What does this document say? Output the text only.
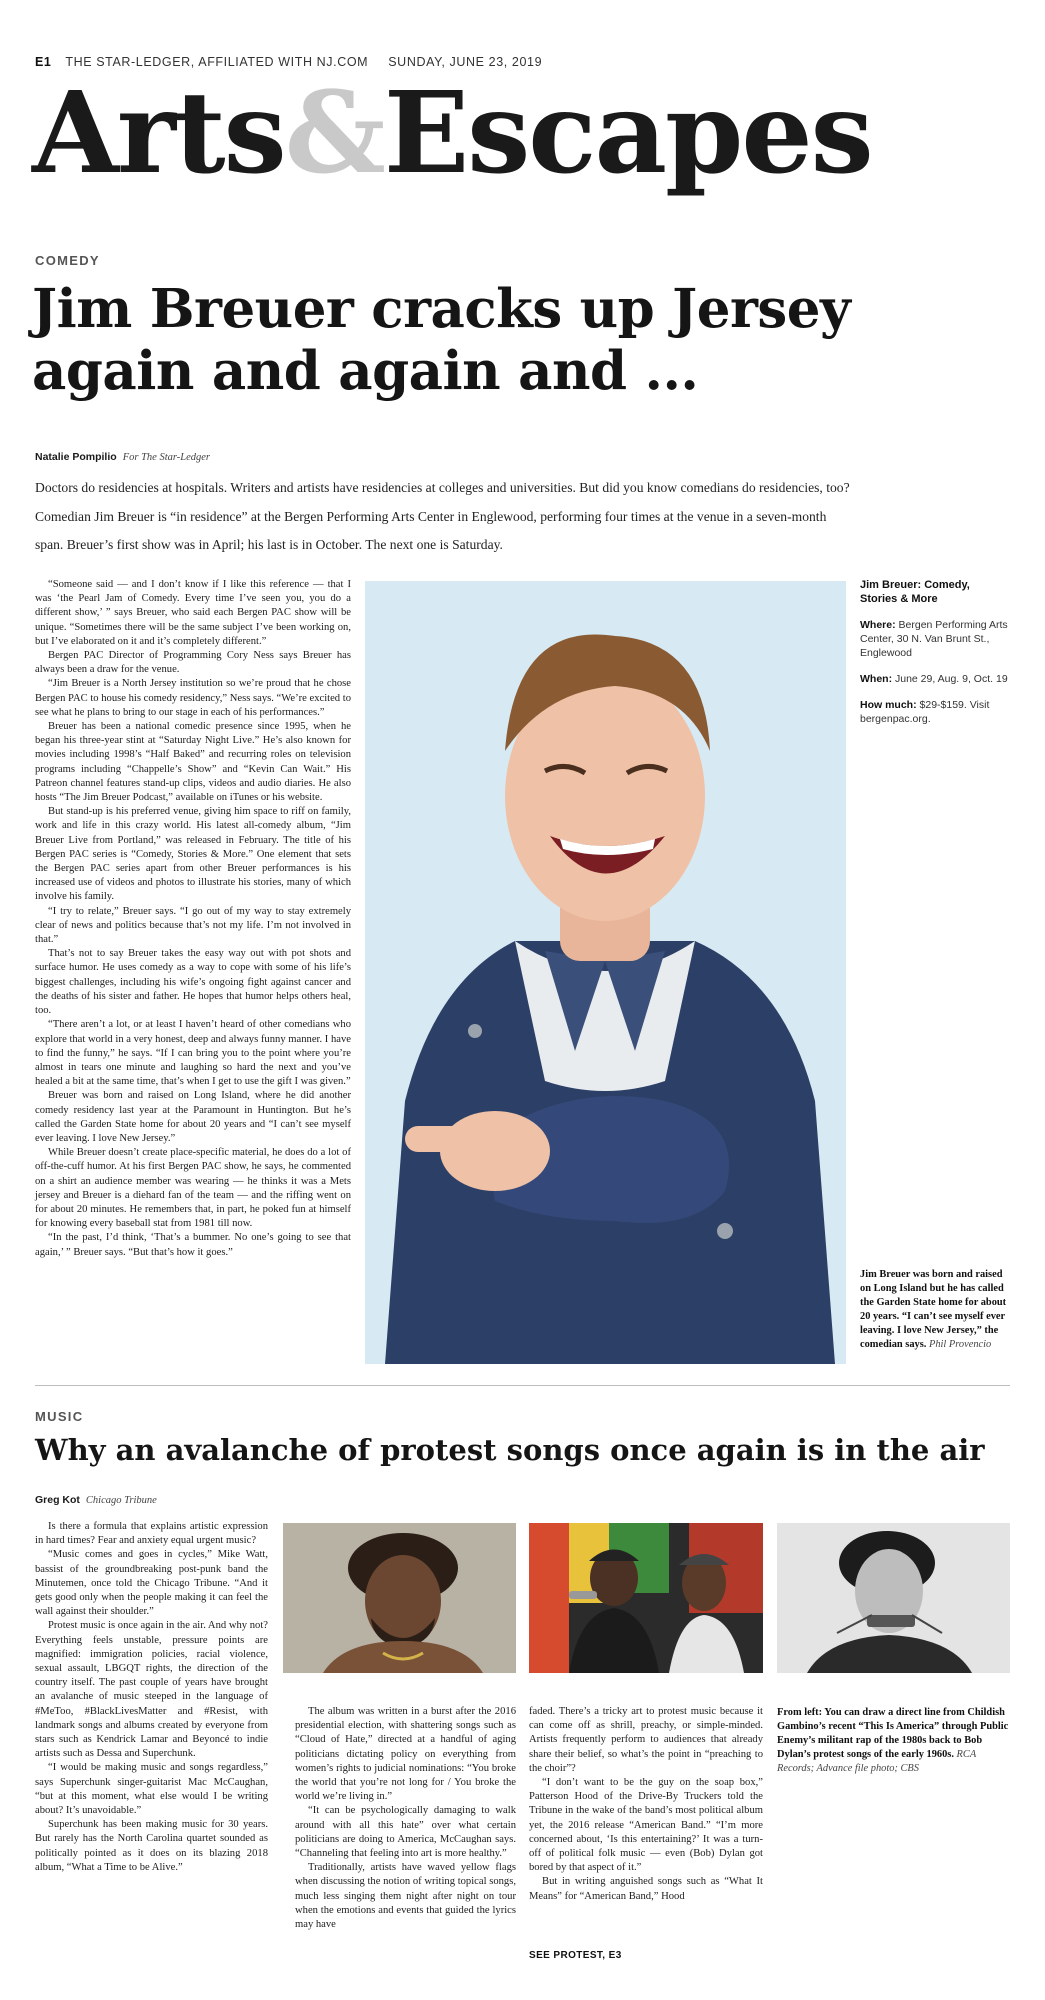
E1 THE STAR-LEDGER, AFFILIATED WITH NJ.COM SUNDAY, JUNE 23, 2019
Arts&Escapes
COMEDY
Jim Breuer cracks up Jersey again and again and ...
Natalie Pompilio For The Star-Ledger
Doctors do residencies at hospitals. Writers and artists have residencies at colleges and universities. But did you know comedians do residencies, too? Comedian Jim Breuer is “in residence” at the Bergen Performing Arts Center in Englewood, performing four times at the venue in a seven-month span. Breuer’s first show was in April; his last is in October. The next one is Saturday.

“Someone said — and I don’t know if I like this reference — that I was ‘the Pearl Jam of Comedy. Every time I’ve seen you, you do a different show,’ ” says Breuer, who said each Bergen PAC show will be unique. “Sometimes there will be the same subject I’ve been working on, but I’ve elaborated on it and it’s completely different.”

Bergen PAC Director of Programming Cory Ness says Breuer has always been a draw for the venue.

“Jim Breuer is a North Jersey institution so we’re proud that he chose Bergen PAC to house his comedy residency,” Ness says. “We’re excited to see what he plans to bring to our stage in each of his performances.”

Breuer has been a national comedic presence since 1995, when he began his three-year stint at “Saturday Night Live.” He’s also known for movies including 1998’s “Half Baked” and recurring roles on television programs including “Chappelle’s Show” and “Kevin Can Wait.” His Patreon channel features stand-up clips, videos and audio diaries. He also hosts “The Jim Breuer Podcast,” available on iTunes or his website.

But stand-up is his preferred venue, giving him space to riff on family, work and life in this crazy world. His latest all-comedy album, “Jim Breuer Live from Portland,” was released in February. The title of his Bergen PAC series is “Comedy, Stories & More.” One element that sets the Bergen PAC series apart from other Breuer performances is his increased use of videos and photos to illustrate his stories, many of which involve his family.

“I try to relate,” Breuer says. “I go out of my way to stay extremely clear of news and politics because that’s not my life. I’m not involved in that.”

That’s not to say Breuer takes the easy way out with pot shots and surface humor. He uses comedy as a way to cope with some of his life’s biggest challenges, including his wife’s ongoing fight against cancer and the deaths of his sister and father. He hopes that humor helps others heal, too.

“There aren’t a lot, or at least I haven’t heard of other comedians who explore that world in a very honest, deep and always funny manner. I have to find the funny,” he says. “If I can bring you to the point where you’re almost in tears one minute and laughing so hard the next and you’ve healed a bit at the same time, that’s when I get to use the gift I was given.”

Breuer was born and raised on Long Island, where he did another comedy residency last year at the Paramount in Huntington. But he’s called the Garden State home for about 20 years and “I can’t see myself ever leaving. I love New Jersey.”

While Breuer doesn’t create place-specific material, he does do a lot of off-the-cuff humor. At his first Bergen PAC show, he says, he commented on a shirt an audience member was wearing — he thinks it was a Mets jersey and Breuer is a diehard fan of the team — and the riffing went on for about 20 minutes. He remembers that, in part, he poked fun at himself for knowing every baseball stat from 1981 till now.

“In the past, I’d think, ‘That’s a bummer. No one’s going to see that again,’ ” Breuer says. “But that’s how it goes.”

Jim Breuer: Comedy, Stories & More
Where: Bergen Performing Arts Center, 30 N. Van Brunt St., Englewood
When: June 29, Aug. 9, Oct. 19
How much: $29-$159. Visit bergenpac.org.
Jim Breuer was born and raised on Long Island but he has called the Garden State home for about 20 years. “I can’t see myself ever leaving. I love New Jersey,” the comedian says. Phil Provencio
MUSIC
Why an avalanche of protest songs once again is in the air
Greg Kot Chicago Tribune

Is there a formula that explains artistic expression in hard times? Fear and anxiety equal urgent music?

“Music comes and goes in cycles,” Mike Watt, bassist of the groundbreaking post-punk band the Minutemen, once told the Chicago Tribune. “And it gets good only when the people making it can feel the wall against their shoulder.”

Protest music is once again in the air. And why not? Everything feels unstable, pressure points are magnified: immigration policies, racial violence, sexual assault, LBGQT rights, the direction of the country itself. The past couple of years have brought an avalanche of music steeped in the language of #MeToo, #BlackLivesMatter and #Resist, with landmark songs and albums created by everyone from stars such as Kendrick Lamar and Beyoncé to indie artists such as Dessa and Superchunk.

“I would be making music and songs regardless,” says Superchunk singer-guitarist Mac McCaughan, “but at this moment, what else would I be writing about? It’s unavoidable.”

Superchunk has been making music for 30 years. But rarely has the North Carolina quartet sounded as politically pointed as it does on its blazing 2018 album, “What a Time to be Alive.”

The album was written in a burst after the 2016 presidential election, with shattering songs such as “Cloud of Hate,” directed at a handful of aging politicians dictating policy on everything from women’s rights to judicial nominations: “You broke the world that you’re not long for / You broke the world we’re living in.”

“It can be psychologically damaging to walk around with all this hate” over what certain politicians are doing to America, McCaughan says. “Channeling that feeling into art is more healthy.”

Traditionally, artists have waved yellow flags when discussing the notion of writing topical songs, much less singing them night after night on tour when the emotions and events that guided the lyrics may have

faded. There’s a tricky art to protest music because it can come off as shrill, preachy, or simple-minded. Artists frequently perform to audiences that already share their belief, so what’s the point in “preaching to the choir”?

“I don’t want to be the guy on the soap box,” Patterson Hood of the Drive-By Truckers told the Tribune in the wake of the band’s most political album yet, the 2016 release “American Band.” “I’m more concerned about, ‘Is this entertaining?’ It was a turn-off of political folk music — even (Bob) Dylan got bored by that aspect of it.”

But in writing anguished songs such as “What It Means” for “American Band,” Hood

From left: You can draw a direct line from Childish Gambino’s recent “This Is America” through Public Enemy’s militant rap of the 1980s back to Bob Dylan’s protest songs of the early 1960s. RCA Records; Advance file photo; CBS
SEE PROTEST, E3
